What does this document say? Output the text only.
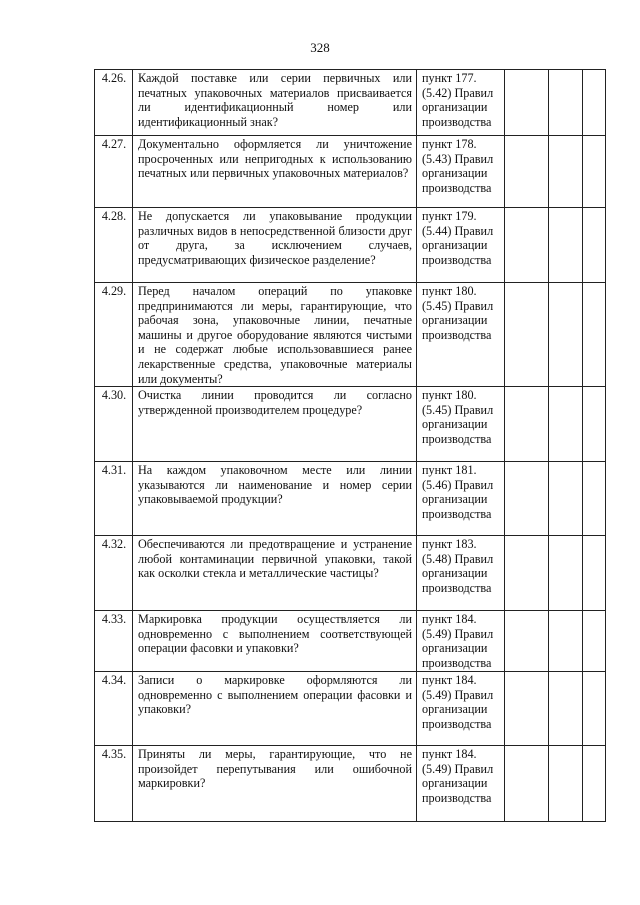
328
4.26.	Каждой поставке или серии первичных или печатных упаковочных материалов присваивается ли идентификационный номер или идентификационный знак?	пункт 177. (5.42) Правил организации производства			
4.27.	Документально оформляется ли уничтожение просроченных или непригодных к использованию печатных или первичных упаковочных материалов?	пункт 178. (5.43) Правил организации производства			
4.28.	Не допускается ли упаковывание продукции различных видов в непосредственной близости друг от друга, за исключением случаев, предусматривающих физическое разделение?	пункт 179. (5.44) Правил организации производства			
4.29.	Перед началом операций по упаковке предпринимаются ли меры, гарантирующие, что рабочая зона, упаковочные линии, печатные машины и другое оборудование являются чистыми и не содержат любые использовавшиеся ранее лекарственные средства, упаковочные материалы или документы?	пункт 180. (5.45) Правил организации производства			
4.30.	Очистка линии проводится ли согласно утвержденной производителем процедуре?	пункт 180. (5.45) Правил организации производства			
4.31.	На каждом упаковочном месте или линии указываются ли наименование и номер серии упаковываемой продукции?	пункт 181. (5.46) Правил организации производства			
4.32.	Обеспечиваются ли предотвращение и устранение любой контаминации первичной упаковки, такой как осколки стекла и металлические частицы?	пункт 183. (5.48) Правил организации производства			
4.33.	Маркировка продукции осуществляется ли одновременно с выполнением соответствующей операции фасовки и упаковки?	пункт 184. (5.49) Правил организации производства			
4.34.	Записи о маркировке оформляются ли одновременно с выполнением операции фасовки и упаковки?	пункт 184. (5.49) Правил организации производства			
4.35.	Приняты ли меры, гарантирующие, что не произойдет перепутывания или ошибочной маркировки?	пункт 184. (5.49) Правил организации производства			
